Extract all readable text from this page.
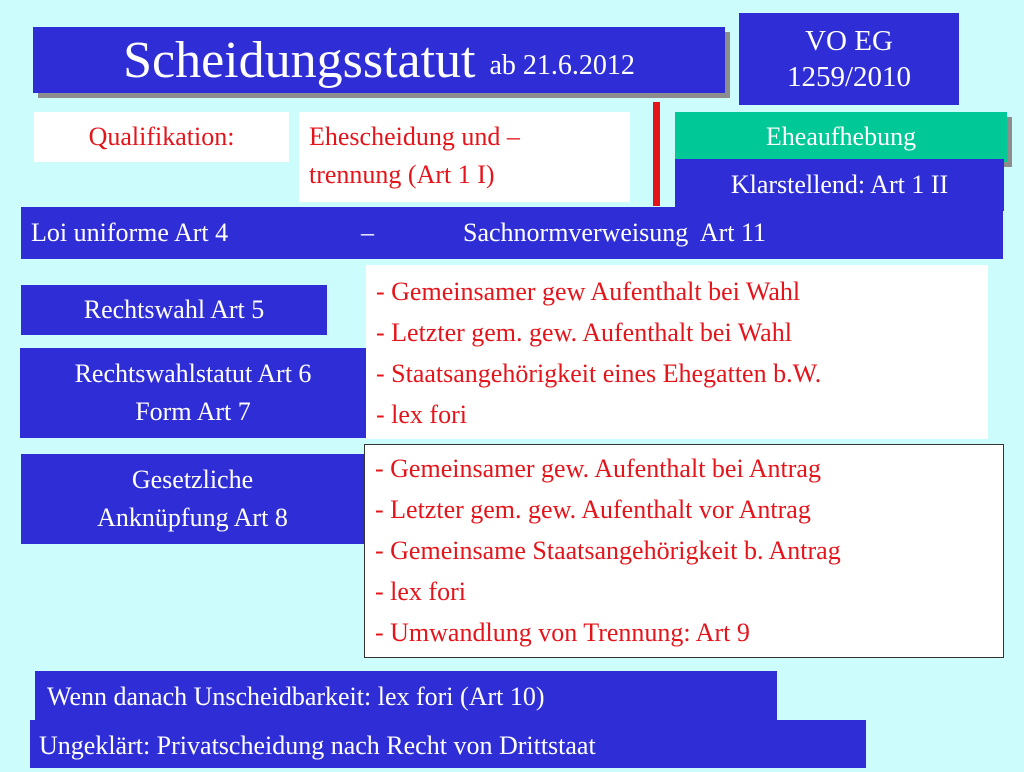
Scheidungsstatut ab 21.6.2012
VO EG
1259/2010
Qualifikation:	Ehescheidung und –
trennung (Art 1 I)
Eheaufhebung
Klarstellend: Art 1 II
Loi uniforme Art 4	–	Sachnormverweisung  Art 11
- Gemeinsamer gew Aufenthalt bei Wahl
- Letzter gem. gew. Aufenthalt bei Wahl
- Staatsangehörigkeit eines Ehegatten b.W.
- lex fori
Rechtswahl Art 5
Rechtswahlstatut Art 6
Form Art 7
Gesetzliche
Anknüpfung Art 8
- Gemeinsamer gew. Aufenthalt bei Antrag
- Letzter gem. gew. Aufenthalt vor Antrag
- Gemeinsame Staatsangehörigkeit b. Antrag
- lex fori
- Umwandlung von Trennung: Art 9
Wenn danach Unscheidbarkeit: lex fori (Art 10)
Ungeklärt: Privatscheidung nach Recht von Drittstaat
